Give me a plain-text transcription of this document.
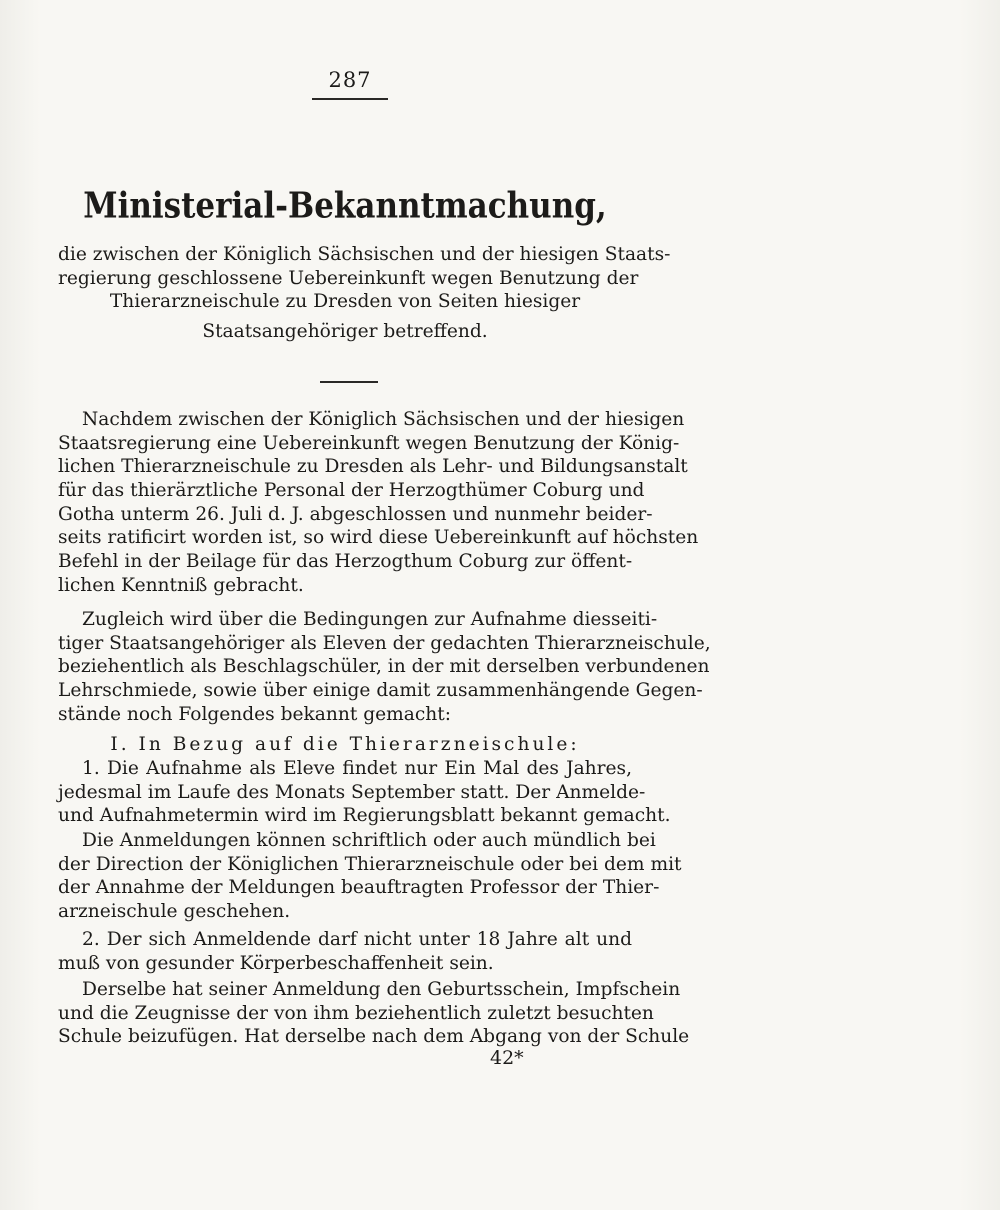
287
Ministerial-Bekanntmachung,
die zwischen der Königlich Sächsischen und der hiesigen Staats-
regierung geschlossene Uebereinkunft wegen Benutzung der
Thierarzneischule zu Dresden von Seiten hiesiger
Staatsangehöriger betreffend.
Nachdem zwischen der Königlich Sächsischen und der hiesigen
Staatsregierung eine Uebereinkunft wegen Benutzung der König-
lichen Thierarzneischule zu Dresden als Lehr- und Bildungsanstalt
für das thierärztliche Personal der Herzogthümer Coburg und
Gotha unterm 26. Juli d. J. abgeschlossen und nunmehr beider-
seits ratificirt worden ist, so wird diese Uebereinkunft auf höchsten
Befehl in der Beilage für das Herzogthum Coburg zur öffent-
lichen Kenntniß gebracht.
Zugleich wird über die Bedingungen zur Aufnahme diesseiti-
tiger Staatsangehöriger als Eleven der gedachten Thierarzneischule,
beziehentlich als Beschlagschüler, in der mit derselben verbundenen
Lehrschmiede, sowie über einige damit zusammenhängende Gegen-
stände noch Folgendes bekannt gemacht:
I. In Bezug auf die Thierarzneischule:
1. Die Aufnahme als Eleve findet nur Ein Mal des Jahres,
jedesmal im Laufe des Monats September statt. Der Anmelde-
und Aufnahmetermin wird im Regierungsblatt bekannt gemacht.
Die Anmeldungen können schriftlich oder auch mündlich bei
der Direction der Königlichen Thierarzneischule oder bei dem mit
der Annahme der Meldungen beauftragten Professor der Thier-
arzneischule geschehen.
2. Der sich Anmeldende darf nicht unter 18 Jahre alt und
muß von gesunder Körperbeschaffenheit sein.
Derselbe hat seiner Anmeldung den Geburtsschein, Impfschein
und die Zeugnisse der von ihm beziehentlich zuletzt besuchten
Schule beizufügen. Hat derselbe nach dem Abgang von der Schule
42*
